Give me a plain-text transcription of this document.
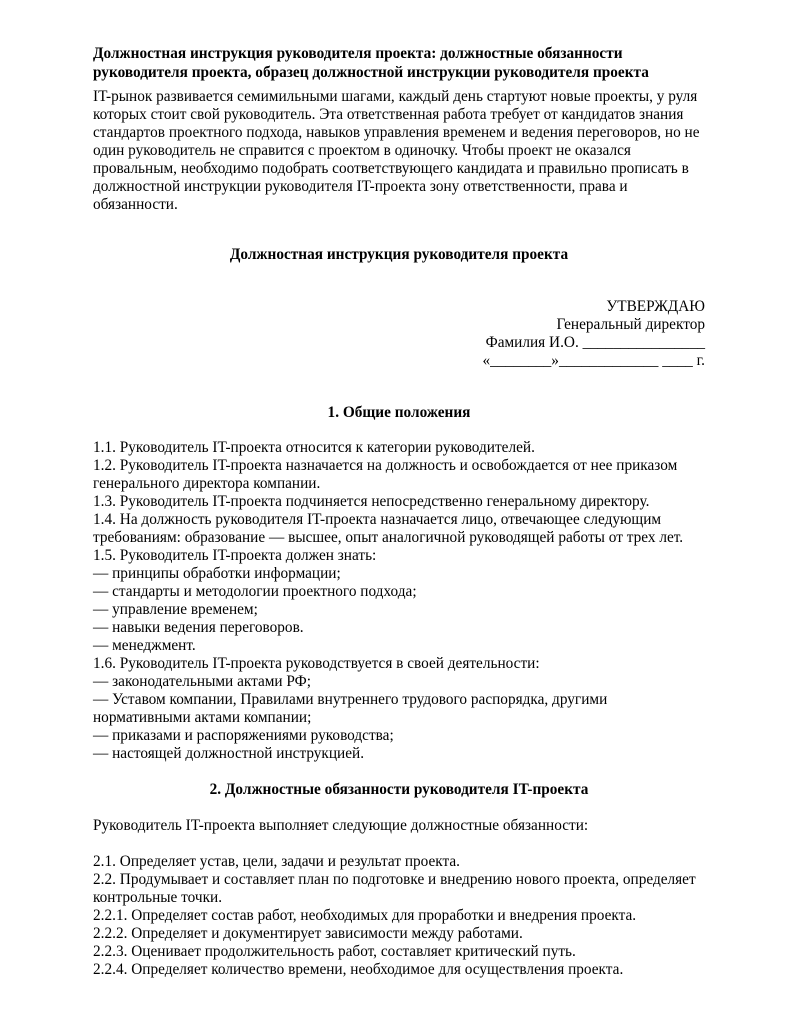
Должностная инструкция руководителя проекта: должностные обязанности руководителя проекта, образец должностной инструкции руководителя проекта

IT-рынок развивается семимильными шагами, каждый день стартуют новые проекты, у руля которых стоит свой руководитель. Эта ответственная работа требует от кандидатов знания стандартов проектного подхода, навыков управления временем и ведения переговоров, но не один руководитель не справится с проектом в одиночку. Чтобы проект не оказался провальным, необходимо подобрать соответствующего кандидата и правильно прописать в должностной инструкции руководителя IT-проекта зону ответственности, права и обязанности.

Должностная инструкция руководителя проекта

УТВЕРЖДАЮ
Генеральный директор
Фамилия И.О. ________________
«________»_____________ ____ г.

1. Общие положения

1.1. Руководитель IT-проекта относится к категории руководителей.
1.2. Руководитель IT-проекта назначается на должность и освобождается от нее приказом генерального директора компании.
1.3. Руководитель IT-проекта подчиняется непосредственно генеральному директору.
1.4. На должность руководителя IT-проекта назначается лицо, отвечающее следующим требованиям: образование — высшее, опыт аналогичной руководящей работы от трех лет.
1.5. Руководитель IT-проекта должен знать:
— принципы обработки информации;
— стандарты и методологии проектного подхода;
— управление временем;
— навыки ведения переговоров.
— менеджмент.
1.6. Руководитель IT-проекта руководствуется в своей деятельности:
— законодательными актами РФ;
— Уставом компании, Правилами внутреннего трудового распорядка, другими нормативными актами компании;
— приказами и распоряжениями руководства;
— настоящей должностной инструкцией.

2. Должностные обязанности руководителя IT-проекта

Руководитель IT-проекта выполняет следующие должностные обязанности:
2.1. Определяет устав, цели, задачи и результат проекта.
2.2. Продумывает и составляет план по подготовке и внедрению нового проекта, определяет контрольные точки.
2.2.1. Определяет состав работ, необходимых для проработки и внедрения проекта.
2.2.2. Определяет и документирует зависимости между работами.
2.2.3. Оценивает продолжительность работ, составляет критический путь.
2.2.4. Определяет количество времени, необходимое для осуществления проекта.
